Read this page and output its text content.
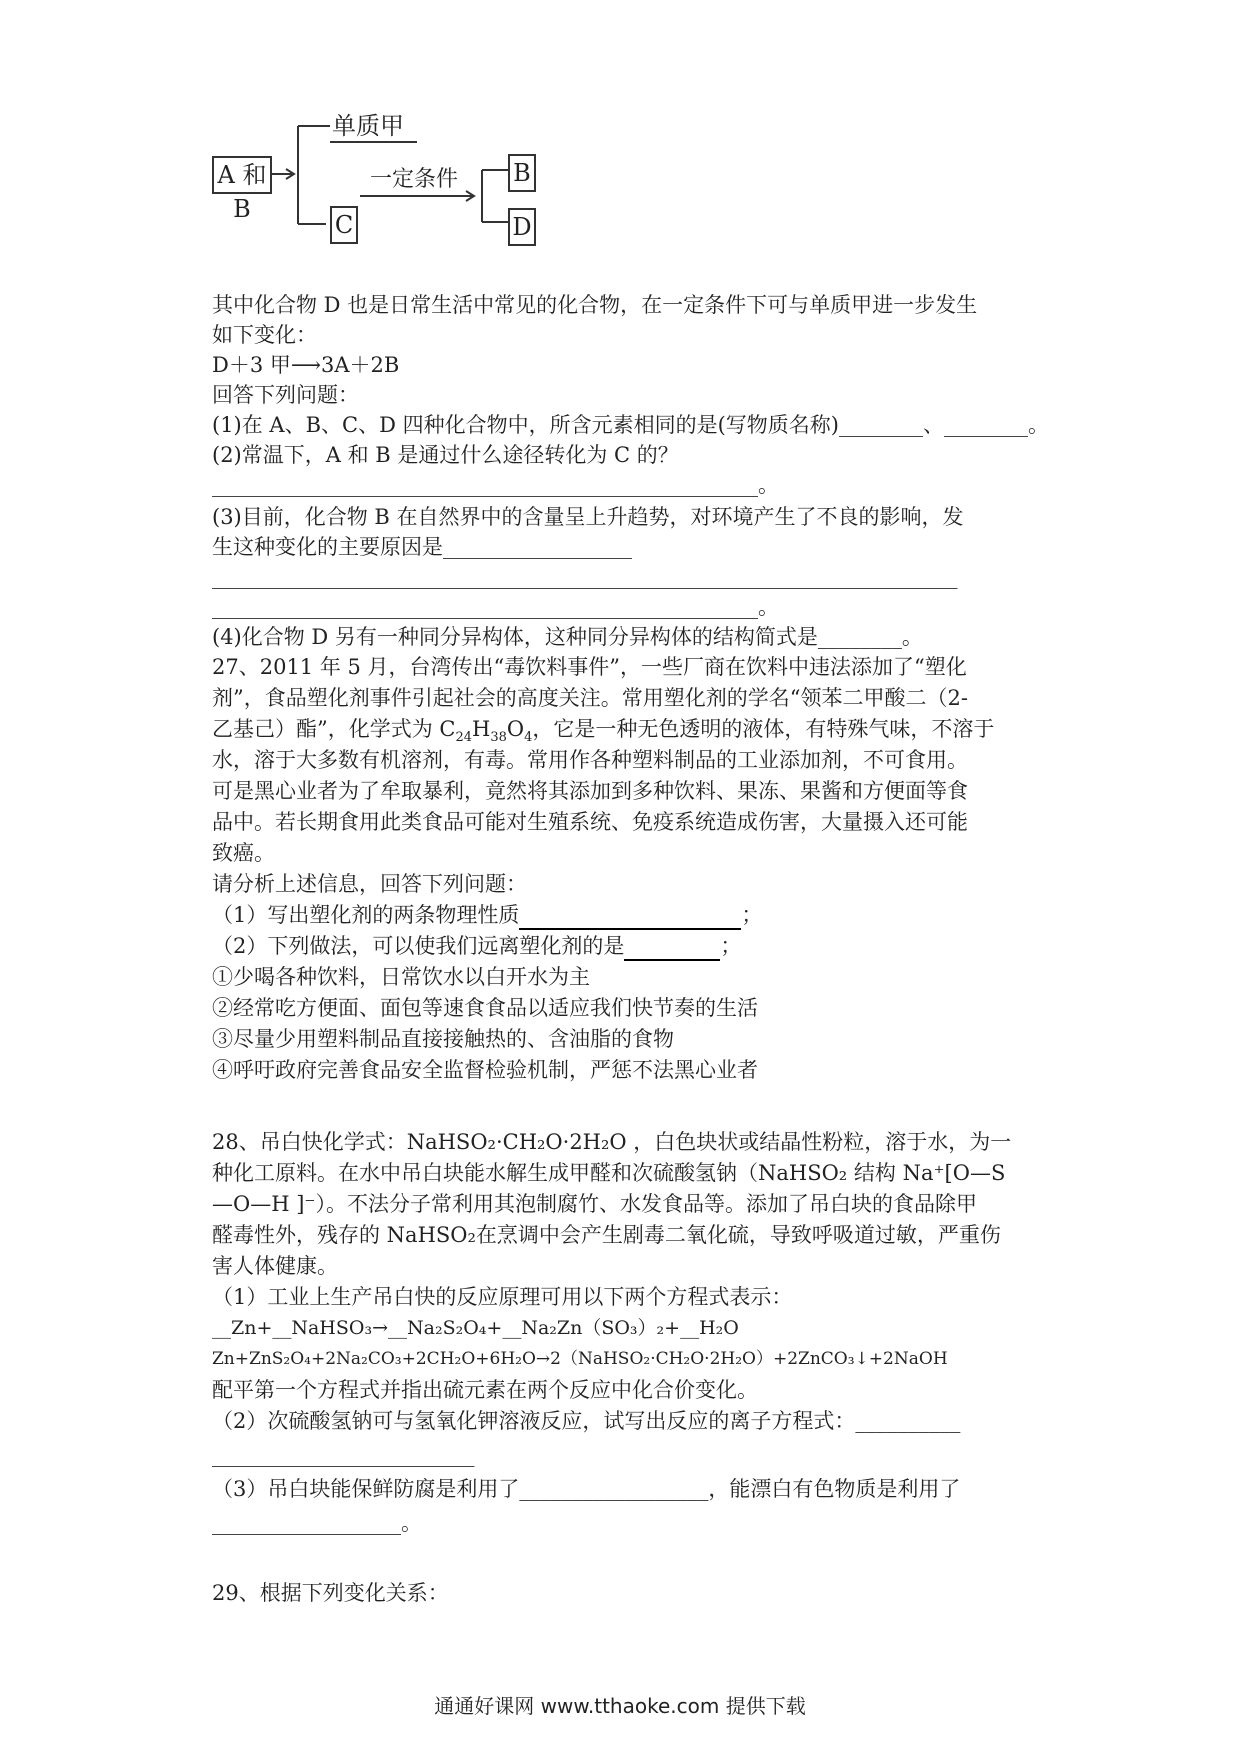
A 和 B
单质甲
C
一定条件 B
D
其中化合物 D 也是日常生活中常见的化合物，在一定条件下可与单质甲进一步发生
如下变化：
D＋3 甲⟶3A＋2B
回答下列问题：
(1)在 A、B、C、D 四种化合物中，所含元素相同的是(写物质名称)________、________。
(2)常温下，A 和 B 是通过什么途径转化为 C 的？
____________________________________________________。
(3)目前，化合物 B 在自然界中的含量呈上升趋势，对环境产生了不良的影响，发
生这种变化的主要原因是__________________
_______________________________________________________________________
____________________________________________________。
(4)化合物 D 另有一种同分异构体，这种同分异构体的结构简式是________。
27、2011 年 5 月，台湾传出“毒饮料事件”，一些厂商在饮料中违法添加了“塑化
剂”，食品塑化剂事件引起社会的高度关注。常用塑化剂的学名“领苯二甲酸二（2-
乙基己）酯”，化学式为 $C_{24}H_{38}O_4$，它是一种无色透明的液体，有特殊气味，不溶于
水，溶于大多数有机溶剂，有毒。常用作各种塑料制品的工业添加剂，不可食用。
可是黑心业者为了牟取暴利，竟然将其添加到多种饮料、果冻、果酱和方便面等食
品中。若长期食用此类食品可能对生殖系统、免疫系统造成伤害，大量摄入还可能
致癌。
请分析上述信息，回答下列问题：
（1）写出塑化剂的两条物理性质	；
（2）下列做法，可以使我们远离塑化剂的是	；
①少喝各种饮料，日常饮水以白开水为主
②经常吃方便面、面包等速食食品以适应我们快节奏的生活
③尽量少用塑料制品直接接触热的、含油脂的食物
④呼吁政府完善食品安全监督检验机制，严惩不法黑心业者
28、吊白快化学式：NaHSO₂·CH₂O·2H₂O ，白色块状或结晶性粉粒，溶于水，为一
种化工原料。在水中吊白块能水解生成甲醛和次硫酸氢钠（NaHSO₂ 结构 Na⁺[O—S
—O—H ]⁻）。不法分子常利用其泡制腐竹、水发食品等。添加了吊白块的食品除甲
醛毒性外，残存的 NaHSO₂在烹调中会产生剧毒二氧化硫，导致呼吸道过敏，严重伤
害人体健康。
（1）工业上生产吊白快的反应原理可用以下两个方程式表示：
__Zn+__NaHSO₃→__Na₂S₂O₄+__Na₂Zn（SO₃）₂+__H₂O
Zn+ZnS₂O₄+2Na₂CO₃+2CH₂O+6H₂O→2（NaHSO₂·CH₂O·2H₂O）+2ZnCO₃↓+2NaOH
配平第一个方程式并指出硫元素在两个反应中化合价变化。
（2）次硫酸氢钠可与氢氧化钾溶液反应，试写出反应的离子方程式：__________
_________________________
（3）吊白块能保鲜防腐是利用了__________________，能漂白有色物质是利用了
__________________。
29、根据下列变化关系：
通通好课网 www.tthaoke.com 提供下载
